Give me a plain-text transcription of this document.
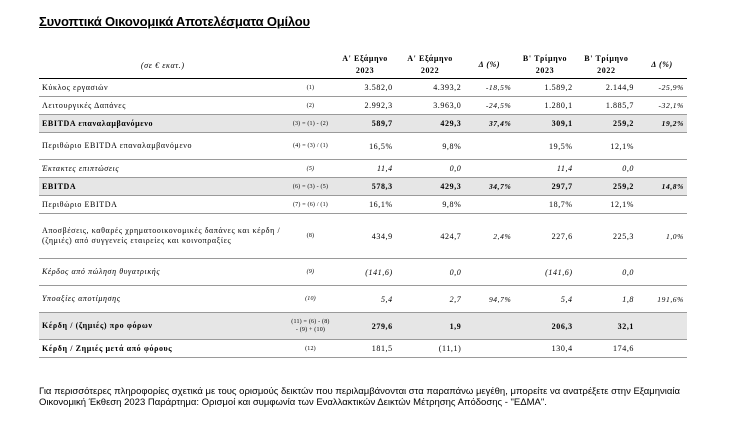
Συνοπτικά Οικονομικά Αποτελέσματα Ομίλου
(σε € εκατ.)		Α' Εξάμηνο 2023	Α' Εξάμηνο 2022	Δ (%)	Β' Τρίμηνο 2023	Β' Τρίμηνο 2022	Δ (%)
Κύκλος εργασιών	(1)	3.582,0	4.393,2	-18,5%	1.589,2	2.144,9	-25,9%
Λειτουργικές Δαπάνες	(2)	2.992,3	3.963,0	-24,5%	1.280,1	1.885,7	-32,1%
EBITDA επαναλαμβανόμενο	(3) = (1) - (2)	589,7	429,3	37,4%	309,1	259,2	19,2%
Περιθώριο EBITDA επαναλαμβανόμενο	(4) = (3) / (1)	16,5%	9,8%		19,5%	12,1%	
Έκτακτες επιπτώσεις	(5)	11,4	0,0		11,4	0,0	
EBITDA	(6) = (3) - (5)	578,3	429,3	34,7%	297,7	259,2	14,8%
Περιθώριο EBITDA	(7) = (6) / (1)	16,1%	9,8%		18,7%	12,1%	
Αποσβέσεις, καθαρές χρηματοοικονομικές δαπάνες και κέρδη / (ζημιές) από συγγενείς εταιρείες και κοινοπραξίες	(8)	434,9	424,7	2,4%	227,6	225,3	1,0%
Κέρδος από πώληση θυγατρικής	(9)	(141,6)	0,0		(141,6)	0,0	
Υποαξίες αποτίμησης	(10)	5,4	2,7	94,7%	5,4	1,8	191,6%
Κέρδη / (ζημιές) προ φόρων	(11) = (6) - (8) - (9) + (10)	279,6	1,9		206,3	32,1	
Κέρδη / Ζημιές μετά από φόρους	(12)	181,5	(11,1)		130,4	174,6	
Για περισσότερες πληροφορίες σχετικά με τους ορισμούς δεικτών που περιλαμβάνονται στα παραπάνω μεγέθη, μπορείτε να ανατρέξετε στην Εξαμηνιαία Οικονομική Έκθεση 2023 Παράρτημα: Ορισμοί και συμφωνία των Εναλλακτικών Δεικτών Μέτρησης Απόδοσης - "ΕΔΜΑ".
